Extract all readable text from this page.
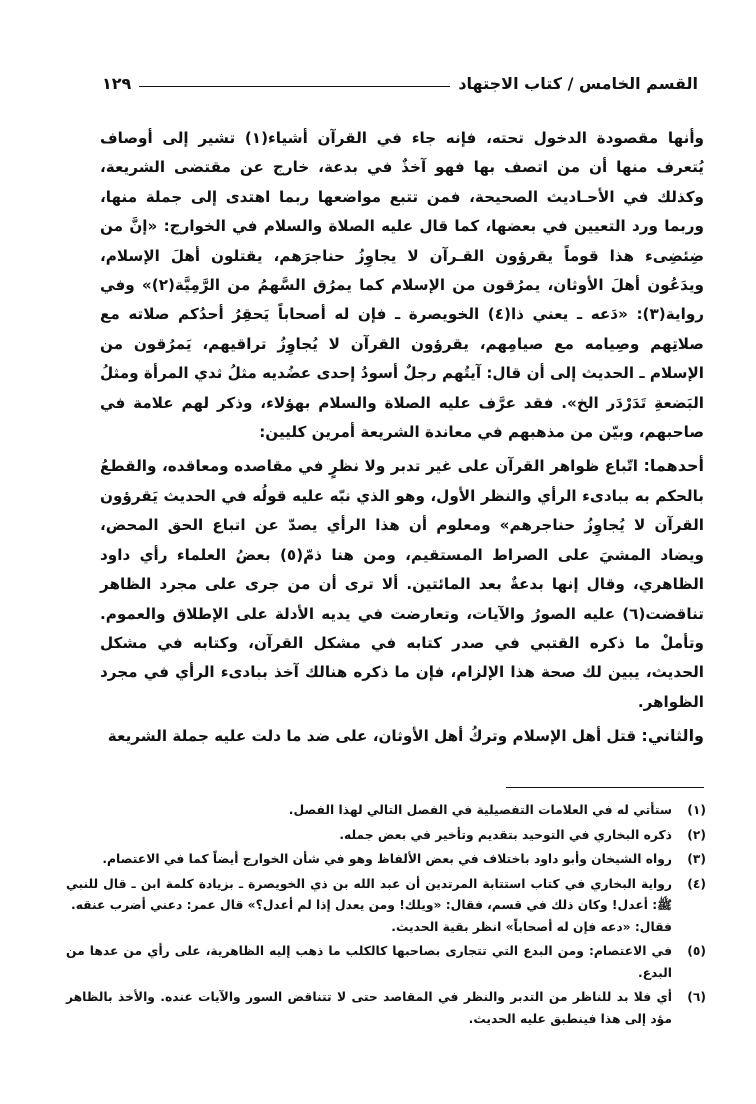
القسم الخامس / كتاب الاجتهاد
١٢٩

وأنها مقصودة الدخول تحته، فإنه جاء في القرآن أشياء(١) تشير إلى أوصاف يُتعرف منها أن من اتصف بها فهو آخذٌ في بدعة، خارج عن مقتضى الشريعة، وكذلك في الأحـاديث الصحيحة، فمن تتبع مواضعها ربما اهتدى إلى جملة منها، وربما ورد التعيين في بعضها، كما قال عليه الصلاة والسلام في الخوارج: «إنَّ من ضِئضِىء هذا قوماً يقرؤون القـرآن لا يجاوِزُ حناجرَهم، يقتلون أهلَ الإسلام، ويدَعُون أهلَ الأوثان، يمرُقون من الإسلام كما يمرُق السَّهمُ من الرَّمِيَّة(٢)» وفي رواية(٣): «دَعه ـ يعني ذا(٤) الخويصرة ـ فإن له أصحاباً يَحقِرُ أحدُكم صلاته مع صلاتِهم وصِيامه مع صيامِهم، يقرؤون القرآن لا يُجاوِزُ تراقيهم، يَمرُقون من الإسلام ـ الحديث إلى أن قال: آيتُهم رجلٌ أسودُ إحدى عضُديه مثلُ ثدي المرأة ومثلُ البَضعةِ تَدَرْدَر الخ». فقد عرَّف عليه الصلاة والسلام بهؤلاء، وذكر لهم علامة في صاحبهم، وبيّن من مذهبهم في معاندة الشريعة أمرين كليين:

أحدهما: اتّباع ظواهر القرآن على غير تدبر ولا نظرٍ في مقاصده ومعاقده، والقطعُ بالحكم به ببادىء الرأي والنظر الأول، وهو الذي نبّه عليه قولُه في الحديث يَقرؤون القرآن لا يُجاوِزُ حناجرهم» ومعلوم أن هذا الرأي يصدّ عن اتباع الحق المحض، ويضاد المشيَ على الصراط المستقيم، ومن هنا ذمّ(٥) بعضُ العلماء رأي داود الظاهري، وقال إنها بدعةٌ بعد المائتين. ألا ترى أن من جرى على مجرد الظاهر تناقضت(٦) عليه الصورُ والآيات، وتعارضت في يديه الأدلة على الإطلاق والعموم. وتأملْ ما ذكره القتبي في صدر كتابه في مشكل القرآن، وكتابه في مشكل الحديث، يبين لك صحة هذا الإلزام، فإن ما ذكره هنالك آخذ ببادىء الرأي في مجرد الظواهر.

والثاني: قتل أهل الإسلام وتركُ أهل الأوثان، على ضد ما دلت عليه جملة الشريعة

(١)
ستأتي له في العلامات التفصيلية في الفصل التالي لهذا الفصل.
(٢)
ذكره البخاري في التوحيد بتقديم وتأخير في بعض جمله.
(٣)
رواه الشيخان وأبو داود باختلاف في بعض الألفاظ وهو في شأن الخوارج أيضاً كما في الاعتصام.
(٤)
رواية البخاري في كتاب استتابة المرتدين أن عبد الله بن ذي الخويصرة ـ بزيادة كلمة ابن ـ قال للنبي ﷺ: أعدل! وكان ذلك في قسم، فقال: «ويلك! ومن يعدل إذا لم أعدل؟» قال عمر: دعني أضرب عنقه.
فقال: «دعه فإن له أصحاباً» انظر بقية الحديث.
(٥)
في الاعتصام: ومن البدع التي تتجارى بصاحبها كالكلب ما ذهب إليه الظاهرية، على رأي من عدها من البدع.
(٦)
أي فلا بد للناظر من التدبر والنظر في المقاصد حتى لا تتناقض السور والآيات عنده. والأخذ بالظاهر مؤد إلى هذا فينطبق عليه الحديث.
